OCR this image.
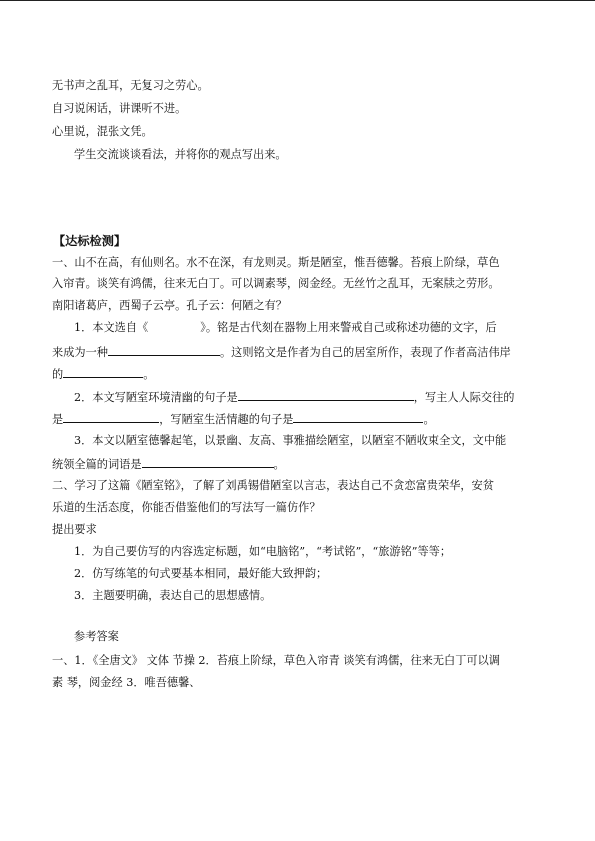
无书声之乱耳，无复习之劳心。
自习说闲话，讲课听不进。
心里说，混张文凭。
学生交流谈谈看法，并将你的观点写出来。
【达标检测】
一、山不在高，有仙则名。水不在深，有龙则灵。斯是陋室，惟吾德馨。苔痕上阶绿，草色
入帘青。谈笑有鸿儒，往来无白丁。可以调素琴，阅金经。无丝竹之乱耳，无案牍之劳形。
南阳诸葛庐，西蜀子云亭。孔子云：何陋之有？
1．本文选自《	》。铭是古代刻在器物上用来警戒自己或称述功德的文字，后
来成为一种	。这则铭文是作者为自己的居室所作，表现了作者高洁伟岸
的	。
2．本文写陋室环境清幽的句子是	，写主人人际交往的
是	，写陋室生活情趣的句子是	。
3．本文以陋室德馨起笔，以景幽、友高、事雅描绘陋室，以陋室不陋收束全文，文中能
统领全篇的词语是	。
二、学习了这篇《陋室铭》，了解了刘禹锡借陋室以言志，表达自己不贪恋富贵荣华，安贫
乐道的生活态度，你能否借鉴他们的写法写一篇仿作？
提出要求
1．为自己要仿写的内容选定标题，如“电脑铭”，“考试铭”，“旅游铭”等等；
2．仿写练笔的句式要基本相同，最好能大致押韵；
3．主题要明确，表达自己的思想感情。
参考答案
一、1．《全唐文》 文体 节操 2．苔痕上阶绿，草色入帘青 谈笑有鸿儒，往来无白丁可以调
素 琴，阅金经 3．唯吾德馨、
